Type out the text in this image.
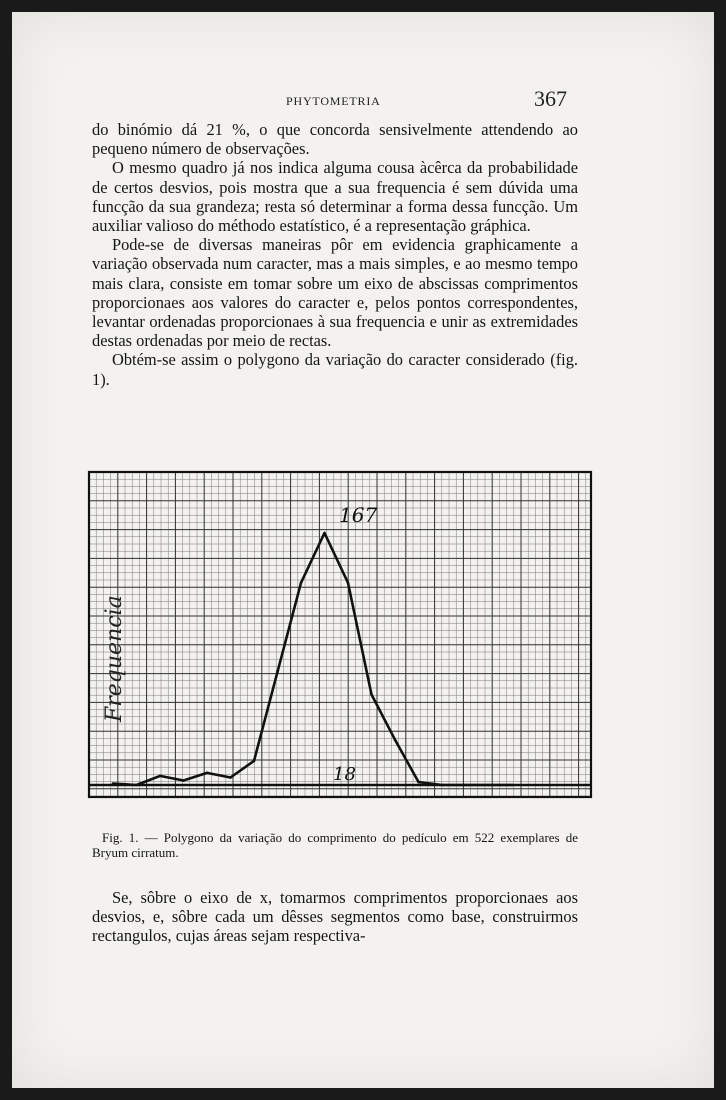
PHYTOMETRIA	367

do binómio dá 21 %, o que concorda sensivelmente attendendo ao pequeno número de observações.

O mesmo quadro já nos indica alguma cousa àcêrca da probabilidade de certos desvios, pois mostra que a sua frequencia é sem dúvida uma funcção da sua grandeza; resta só determinar a forma dessa funcção. Um auxiliar valioso do méthodo estatístico, é a representação gráphica.

Pode-se de diversas maneiras pôr em evidencia graphicamente a variação observada num caracter, mas a mais simples, e ao mesmo tempo mais clara, consiste em tomar sobre um eixo de abscissas comprimentos proporcionaes aos valores do caracter e, pelos pontos correspondentes, levantar ordenadas proporcionaes à sua frequencia e unir as extremidades destas ordenadas por meio de rectas.

Obtém-se assim o polygono da variação do caracter considerado (fig. 1).

Frequencia
167
18

Fig. 1. — Polygono da variação do comprimento do pedículo em 522 exemplares de Bryum cirratum.

Se, sôbre o eixo de x, tomarmos comprimentos proporcionaes aos desvios, e, sôbre cada um dêsses segmentos como base, construirmos rectangulos, cujas áreas sejam respectiva-
